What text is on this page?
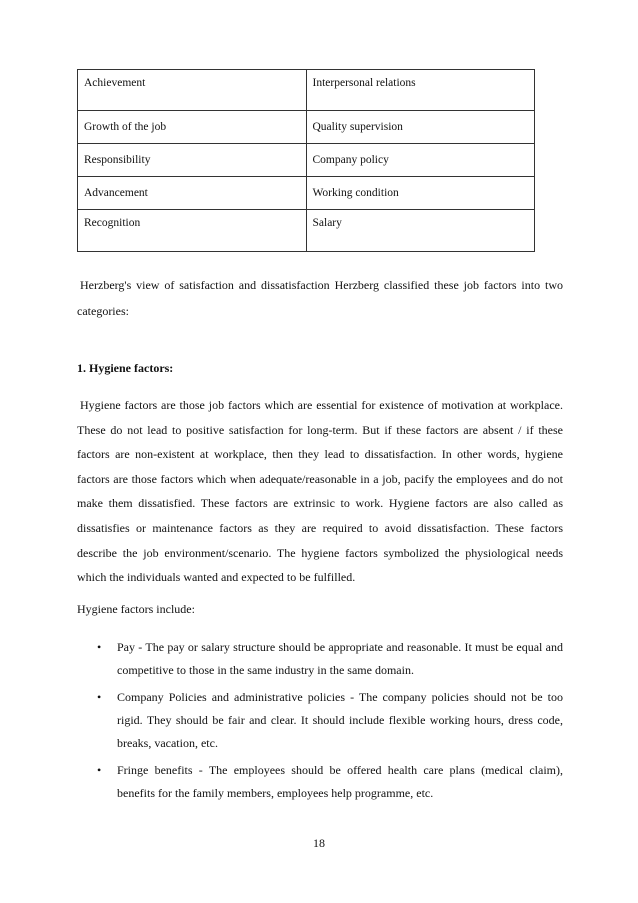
Achievement	Interpersonal relations
Growth of the job	Quality supervision
Responsibility	Company policy
Advancement	Working condition
Recognition	Salary

Herzberg's view of satisfaction and dissatisfaction Herzberg classified these job factors into two categories:

1. Hygiene factors:

Hygiene factors are those job factors which are essential for existence of motivation at workplace. These do not lead to positive satisfaction for long-term. But if these factors are absent / if these factors are non-existent at workplace, then they lead to dissatisfaction. In other words, hygiene factors are those factors which when adequate/reasonable in a job, pacify the employees and do not make them dissatisfied. These factors are extrinsic to work. Hygiene factors are also called as dissatisfies or maintenance factors as they are required to avoid dissatisfaction. These factors describe the job environment/scenario. The hygiene factors symbolized the physiological needs which the individuals wanted and expected to be fulfilled.

Hygiene factors include:

• Pay - The pay or salary structure should be appropriate and reasonable. It must be equal and competitive to those in the same industry in the same domain.
• Company Policies and administrative policies - The company policies should not be too rigid. They should be fair and clear. It should include flexible working hours, dress code, breaks, vacation, etc.
• Fringe benefits - The employees should be offered health care plans (medical claim), benefits for the family members, employees help programme, etc.

18
